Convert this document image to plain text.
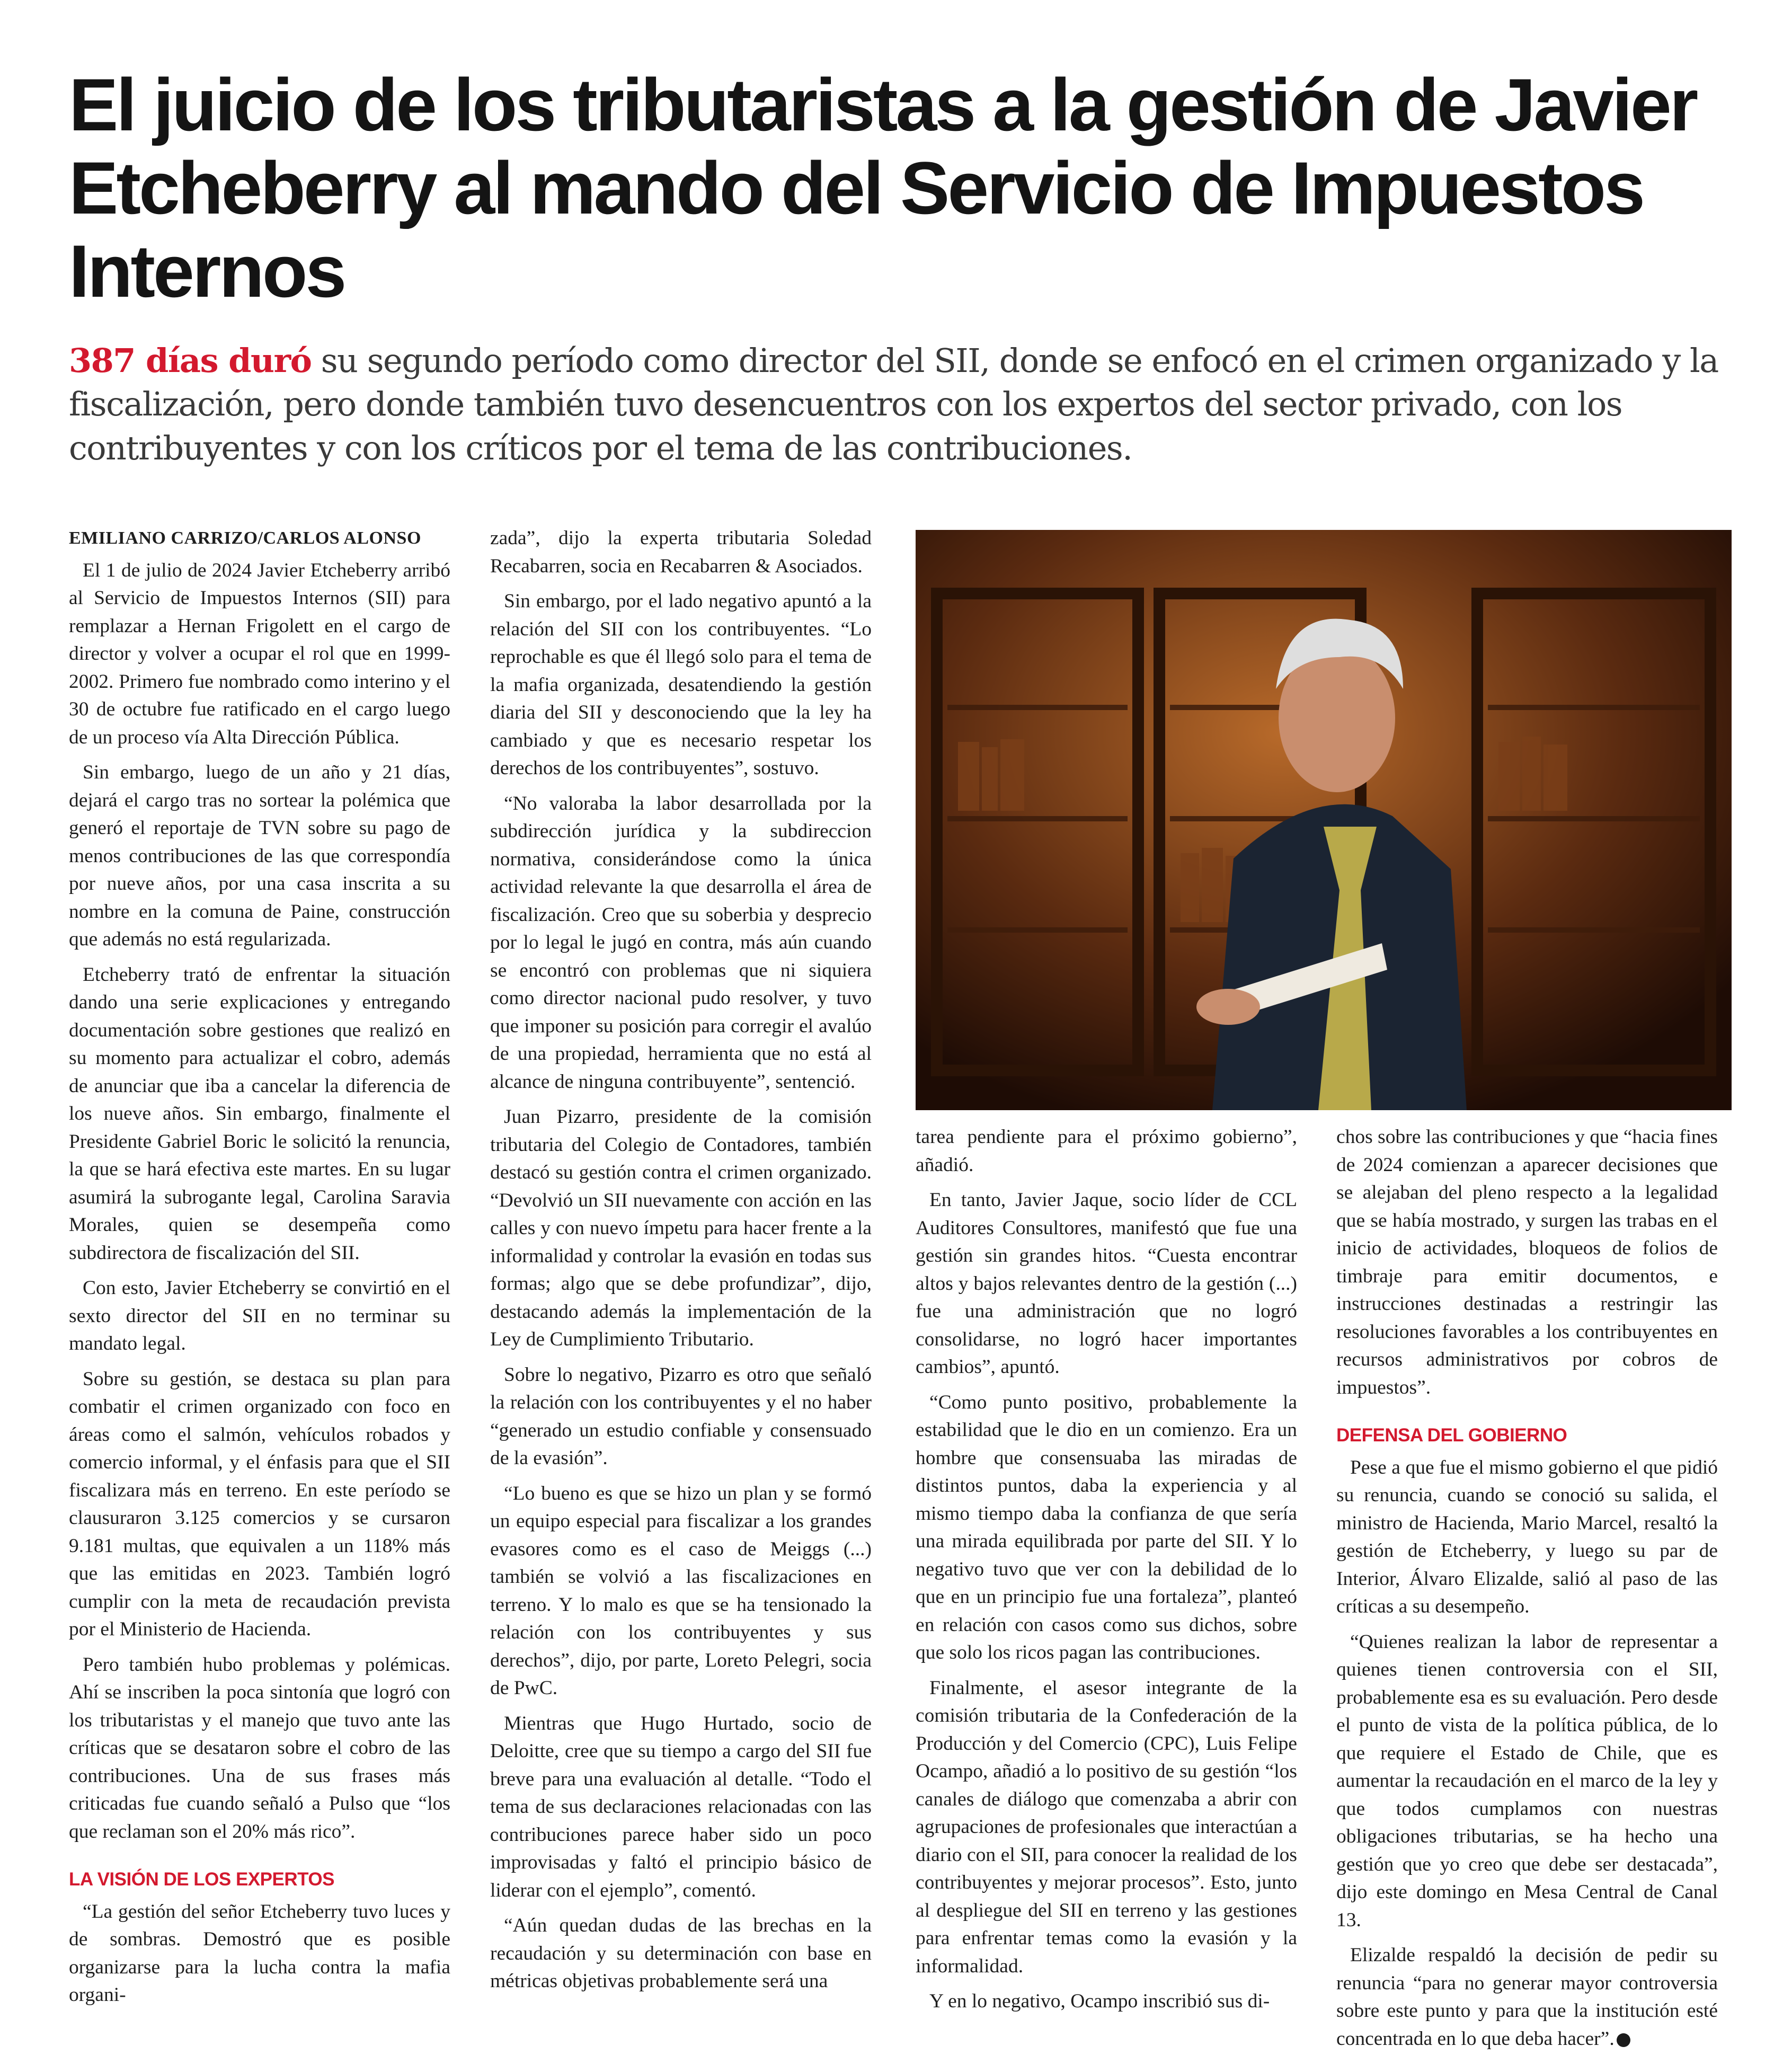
El juicio de los tributaristas a la gestión de Javier Etcheberry al mando del Servicio de Impuestos Internos

387 días duró su segundo período como director del SII, donde se enfocó en el crimen organizado y la fiscalización, pero donde también tuvo desencuentros con los expertos del sector privado, con los contribuyentes y con los críticos por el tema de las contribuciones.

EMILIANO CARRIZO/CARLOS ALONSO

El 1 de julio de 2024 Javier Etcheberry arribó al Servicio de Impuestos Internos (SII) para remplazar a Hernan Frigolett en el cargo de director y volver a ocupar el rol que en 1999- 2002. Primero fue nombrado como interino y el 30 de octubre fue ratificado en el cargo luego de un proceso vía Alta Dirección Pública.

Sin embargo, luego de un año y 21 días, dejará el cargo tras no sortear la polémica que generó el reportaje de TVN sobre su pago de menos contribuciones de las que correspondía por nueve años, por una casa inscrita a su nombre en la comuna de Paine, construcción que además no está regularizada.

Etcheberry trató de enfrentar la situación dando una serie explicaciones y entregando documentación sobre gestiones que realizó en su momento para actualizar el cobro, además de anunciar que iba a cancelar la diferencia de los nueve años. Sin embargo, finalmente el Presidente Gabriel Boric le solicitó la renuncia, la que se hará efectiva este martes. En su lugar asumirá la subrogante legal, Carolina Saravia Morales, quien se desempeña como subdirectora de fiscalización del SII.

Con esto, Javier Etcheberry se convirtió en el sexto director del SII en no terminar su mandato legal.

Sobre su gestión, se destaca su plan para combatir el crimen organizado con foco en áreas como el salmón, vehículos robados y comercio informal, y el énfasis para que el SII fiscalizara más en terreno. En este período se clausuraron 3.125 comercios y se cursaron 9.181 multas, que equivalen a un 118% más que las emitidas en 2023. También logró cumplir con la meta de recaudación prevista por el Ministerio de Hacienda.

Pero también hubo problemas y polémicas. Ahí se inscriben la poca sintonía que logró con los tributaristas y el manejo que tuvo ante las críticas que se desataron sobre el cobro de las contribuciones. Una de sus frases más criticadas fue cuando señaló a Pulso que “los que reclaman son el 20% más rico”.

LA VISIÓN DE LOS EXPERTOS

“La gestión del señor Etcheberry tuvo luces y de sombras. Demostró que es posible organizarse para la lucha contra la mafia organi-

zada”, dijo la experta tributaria Soledad Recabarren, socia en Recabarren & Asociados.

Sin embargo, por el lado negativo apuntó a la relación del SII con los contribuyentes. “Lo reprochable es que él llegó solo para el tema de la mafia organizada, desatendiendo la gestión diaria del SII y desconociendo que la ley ha cambiado y que es necesario respetar los derechos de los contribuyentes”, sostuvo.

“No valoraba la labor desarrollada por la subdirección jurídica y la subdireccion normativa, considerándose como la única actividad relevante la que desarrolla el área de fiscalización. Creo que su soberbia y desprecio por lo legal le jugó en contra, más aún cuando se encontró con problemas que ni siquiera como director nacional pudo resolver, y tuvo que imponer su posición para corregir el avalúo de una propiedad, herramienta que no está al alcance de ninguna contribuyente”, sentenció.

Juan Pizarro, presidente de la comisión tributaria del Colegio de Contadores, también destacó su gestión contra el crimen organizado. “Devolvió un SII nuevamente con acción en las calles y con nuevo ímpetu para hacer frente a la informalidad y controlar la evasión en todas sus formas; algo que se debe profundizar”, dijo, destacando además la implementación de la Ley de Cumplimiento Tributario.

Sobre lo negativo, Pizarro es otro que señaló la relación con los contribuyentes y el no haber “generado un estudio confiable y consensuado de la evasión”.

“Lo bueno es que se hizo un plan y se formó un equipo especial para fiscalizar a los grandes evasores como es el caso de Meiggs (...) también se volvió a las fiscalizaciones en terreno. Y lo malo es que se ha tensionado la relación con los contribuyentes y sus derechos”, dijo, por parte, Loreto Pelegri, socia de PwC.

Mientras que Hugo Hurtado, socio de Deloitte, cree que su tiempo a cargo del SII fue breve para una evaluación al detalle. “Todo el tema de sus declaraciones relacionadas con las contribuciones parece haber sido un poco improvisadas y faltó el principio básico de liderar con el ejemplo”, comentó.

“Aún quedan dudas de las brechas en la recaudación y su determinación con base en métricas objetivas probablemente será una

tarea pendiente para el próximo gobierno”, añadió.

En tanto, Javier Jaque, socio líder de CCL Auditores Consultores, manifestó que fue una gestión sin grandes hitos. “Cuesta encontrar altos y bajos relevantes dentro de la gestión (...) fue una administración que no logró consolidarse, no logró hacer importantes cambios”, apuntó.

“Como punto positivo, probablemente la estabilidad que le dio en un comienzo. Era un hombre que consensuaba las miradas de distintos puntos, daba la experiencia y al mismo tiempo daba la confianza de que sería una mirada equilibrada por parte del SII. Y lo negativo tuvo que ver con la debilidad de lo que en un principio fue una fortaleza”, planteó en relación con casos como sus dichos, sobre que solo los ricos pagan las contribuciones.

Finalmente, el asesor integrante de la comisión tributaria de la Confederación de la Producción y del Comercio (CPC), Luis Felipe Ocampo, añadió a lo positivo de su gestión “los canales de diálogo que comenzaba a abrir con agrupaciones de profesionales que interactúan a diario con el SII, para conocer la realidad de los contribuyentes y mejorar procesos”. Esto, junto al despliegue del SII en terreno y las gestiones para enfrentar temas como la evasión y la informalidad.

Y en lo negativo, Ocampo inscribió sus di-

chos sobre las contribuciones y que “hacia fines de 2024 comienzan a aparecer decisiones que se alejaban del pleno respecto a la legalidad que se había mostrado, y surgen las trabas en el inicio de actividades, bloqueos de folios de timbraje para emitir documentos, e instrucciones destinadas a restringir las resoluciones favorables a los contribuyentes en recursos administrativos por cobros de impuestos”.

DEFENSA DEL GOBIERNO

Pese a que fue el mismo gobierno el que pidió su renuncia, cuando se conoció su salida, el ministro de Hacienda, Mario Marcel, resaltó la gestión de Etcheberry, y luego su par de Interior, Álvaro Elizalde, salió al paso de las críticas a su desempeño.

“Quienes realizan la labor de representar a quienes tienen controversia con el SII, probablemente esa es su evaluación. Pero desde el punto de vista de la política pública, de lo que requiere el Estado de Chile, que es aumentar la recaudación en el marco de la ley y que todos cumplamos con nuestras obligaciones tributarias, se ha hecho una gestión que yo creo que debe ser destacada”, dijo este domingo en Mesa Central de Canal 13.

Elizalde respaldó la decisión de pedir su renuncia “para no generar mayor controversia sobre este punto y para que la institución esté concentrada en lo que deba hacer”. P
